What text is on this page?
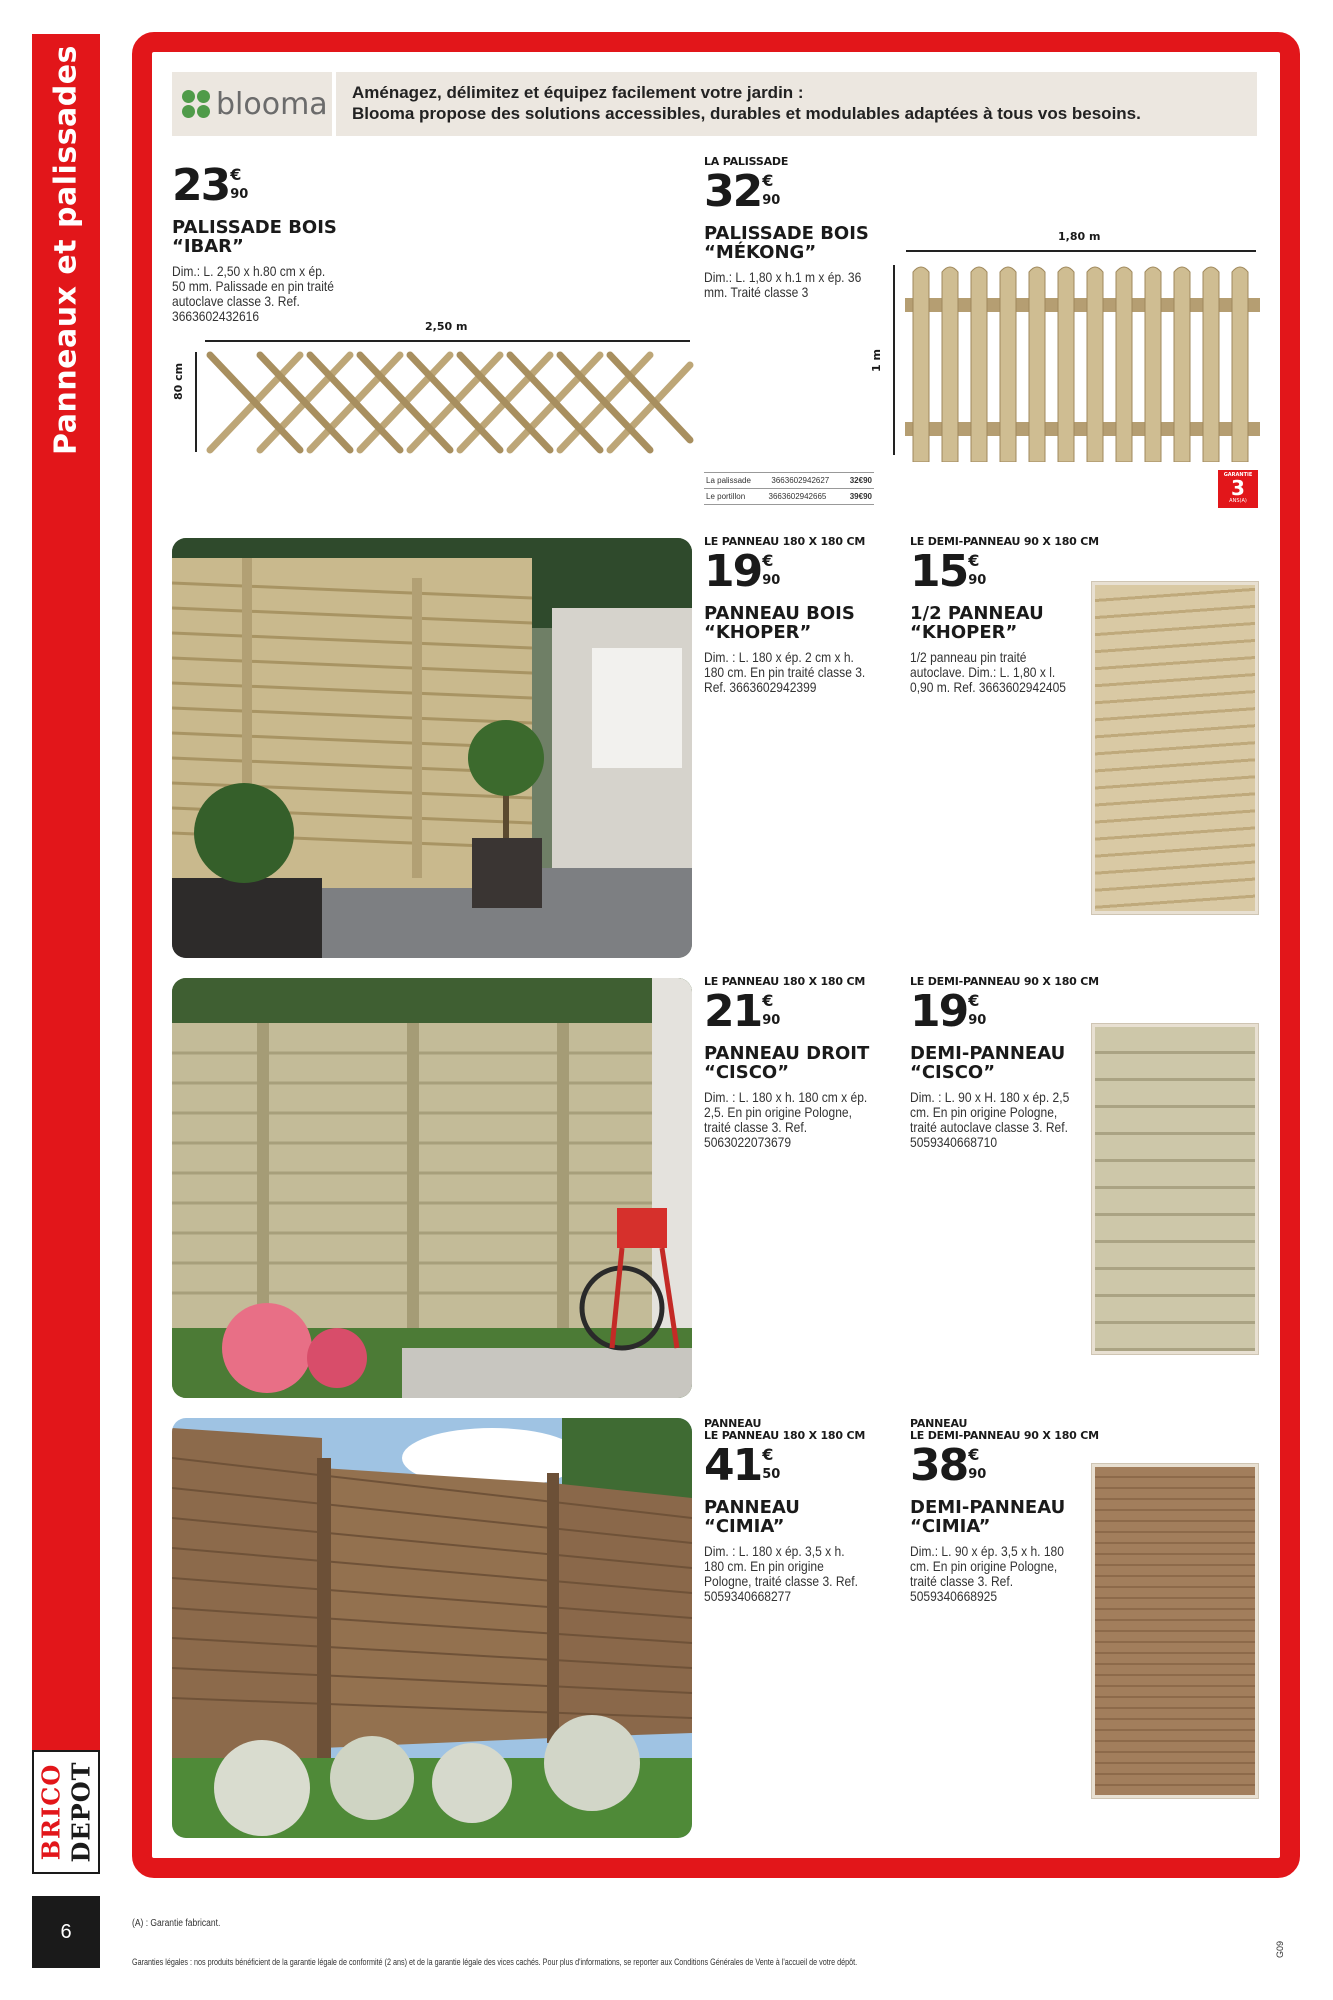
Panneaux et palissades
BRICO DEPOT
6
blooma Aménagez, délimitez et équipez facilement votre jardin :
Blooma propose des solutions accessibles, durables et modulables adaptées à tous vos besoins.
23 €
90
PALISSADE BOIS
“IBAR”
Dim.: L. 2,50 x h.80 cm x ép. 50 mm. Palissade en pin traité autoclave classe 3. Ref. 3663602432616
2,50 m
80 cm
LA PALISSADE
32 €
90
PALISSADE BOIS
“MÉKONG”
Dim.: L. 1,80 x h.1 m x ép. 36 mm. Traité classe 3
1,80 m
1 m
La palissade	3663602942627	32€90
Le portillon	3663602942665	39€90
GARANTIE
3
ANS(A)
LE PANNEAU 180 X 180 CM
19 €
90
PANNEAU BOIS
“KHOPER”
Dim. : L. 180 x ép. 2 cm x h. 180 cm. En pin traité classe 3. Ref. 3663602942399
LE DEMI-PANNEAU 90 X 180 CM
15 €
90
1/2 PANNEAU
“KHOPER”
1/2 panneau pin traité autoclave. Dim.: L. 1,80 x l. 0,90 m. Ref. 3663602942405
LE PANNEAU 180 X 180 CM
21 €
90
PANNEAU DROIT
“CISCO”
Dim. : L. 180 x h. 180 cm x ép. 2,5. En pin origine Pologne, traité classe 3. Ref. 5063022073679
LE DEMI-PANNEAU 90 X 180 CM
19 €
90
DEMI-PANNEAU
“CISCO”
Dim. : L. 90 x H. 180 x ép. 2,5 cm. En pin origine Pologne, traité autoclave classe 3. Ref. 5059340668710
PANNEAU
LE PANNEAU 180 X 180 CM
41 €
50
PANNEAU
“CIMIA”
Dim. : L. 180 x ép. 3,5 x h. 180 cm. En pin origine Pologne, traité classe 3. Ref. 5059340668277
PANNEAU
LE DEMI-PANNEAU 90 X 180 CM
38 €
90
DEMI-PANNEAU
“CIMIA”
Dim.: L. 90 x ép. 3,5 x h. 180 cm. En pin origine Pologne, traité classe 3. Ref. 5059340668925
(A) : Garantie fabricant.
Garanties légales : nos produits bénéficient de la garantie légale de conformité (2 ans) et de la garantie légale des vices cachés. Pour plus d'informations, se reporter aux Conditions Générales de Vente à l'accueil de votre dépôt.
G09
